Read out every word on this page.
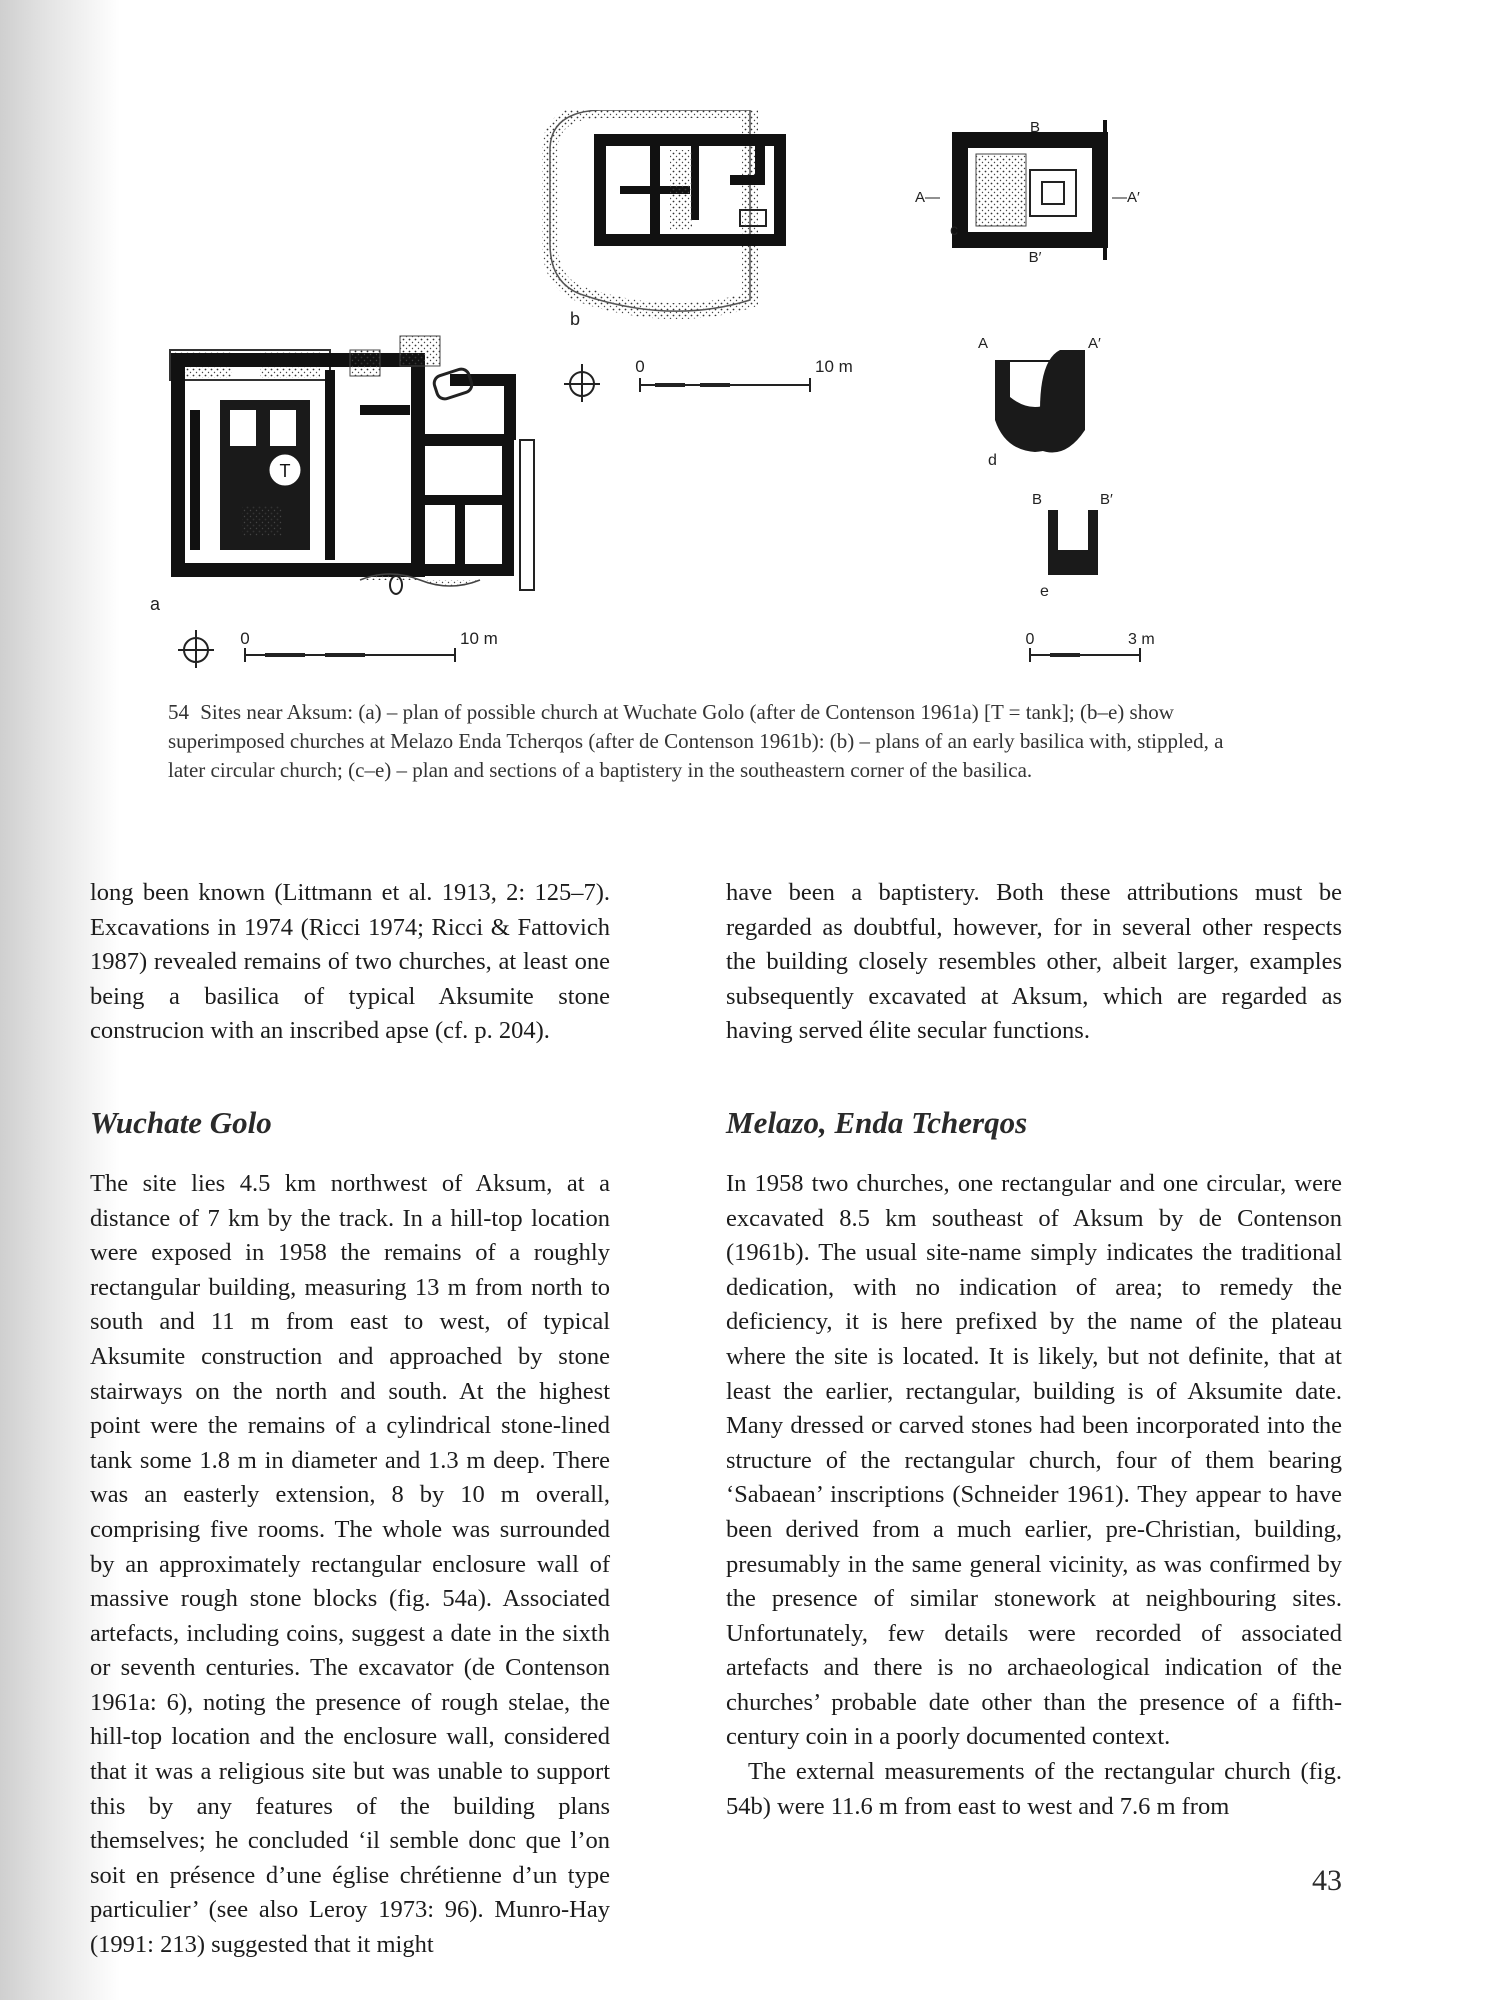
T
a
0	10 m
b
0	10 m
B
B′
A—	—A′
c
A	A′
d
B	B′
e
0	3 m
54 Sites near Aksum: (a) – plan of possible church at Wuchate Golo (after de Contenson 1961a) [T = tank]; (b–e) show superimposed churches at Melazo Enda Tcherqos (after de Contenson 1961b): (b) – plans of an early basilica with, stippled, a later circular church; (c–e) – plan and sections of a baptistery in the southeastern corner of the basilica.

long been known (Littmann et al. 1913, 2: 125–7). Excavations in 1974 (Ricci 1974; Ricci & Fattovich 1987) revealed remains of two churches, at least one being a basilica of typical Aksumite stone construcion with an inscribed apse (cf. p. 204).

Wuchate Golo

The site lies 4.5 km northwest of Aksum, at a distance of 7 km by the track. In a hill-top location were exposed in 1958 the remains of a roughly rectangular building, measuring 13 m from north to south and 11 m from east to west, of typical Aksumite construction and approached by stone stairways on the north and south. At the highest point were the remains of a cylindrical stone-lined tank some 1.8 m in diameter and 1.3 m deep. There was an easterly extension, 8 by 10 m overall, comprising five rooms. The whole was surrounded by an approximately rectangular enclosure wall of massive rough stone blocks (fig. 54a). Associated artefacts, including coins, suggest a date in the sixth or seventh centuries. The excavator (de Contenson 1961a: 6), noting the presence of rough stelae, the hill-top location and the enclosure wall, considered that it was a religious site but was unable to support this by any features of the building plans themselves; he concluded ‘il semble donc que l’on soit en présence d’une église chrétienne d’un type particulier’ (see also Leroy 1973: 96). Munro-Hay (1991: 213) suggested that it might

have been a baptistery. Both these attributions must be regarded as doubtful, however, for in several other respects the building closely resembles other, albeit larger, examples subsequently excavated at Aksum, which are regarded as having served élite secular functions.

Melazo, Enda Tcherqos

In 1958 two churches, one rectangular and one circular, were excavated 8.5 km southeast of Aksum by de Contenson (1961b). The usual site-name simply indicates the traditional dedication, with no indication of area; to remedy the deficiency, it is here prefixed by the name of the plateau where the site is located. It is likely, but not definite, that at least the earlier, rectangular, building is of Aksumite date. Many dressed or carved stones had been incorporated into the structure of the rectangular church, four of them bearing ‘Sabaean’ inscriptions (Schneider 1961). They appear to have been derived from a much earlier, pre-Christian, building, presumably in the same general vicinity, as was confirmed by the presence of similar stonework at neighbouring sites. Unfortunately, few details were recorded of associated artefacts and there is no archaeological indication of the churches’ probable date other than the presence of a fifth-century coin in a poorly documented context.

The external measurements of the rectangular church (fig. 54b) were 11.6 m from east to west and 7.6 m from

43
